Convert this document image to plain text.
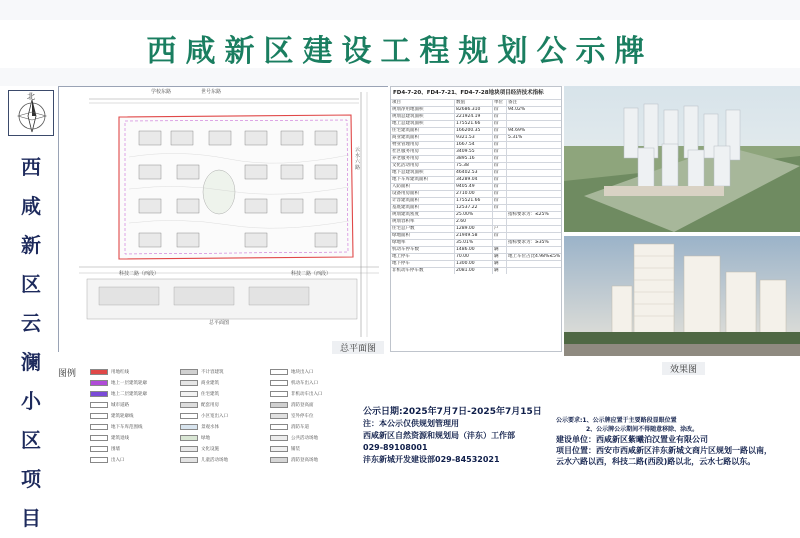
西咸新区建设工程规划公示牌
北
西
咸
新
区
云
澜
小
区
项
目
学校东路	世号东路
云水六路
科技二路（西段）	科技二路（西段）
总平面图
总平面图
FD4-7-20、FD4-7-21、FD4-7-28地块项目经济技术指标
项目	数值	单位	备注
规划净用地面积	82686.310	㎡	94.02%
规划总建筑面积	221924.19	㎡
地上总建筑面积	175521.66	㎡
住宅建筑面积	166200.35	㎡	94.69%
商业建筑面积	9321.53	㎡	5.31%
物业管理用房	1667.54	㎡
社区服务用房	3409.55	㎡
养老服务用房	3895.16	㎡
文化活动用房	75.38	㎡
地下总建筑面积	46402.53	㎡
地下车库建筑面积	34289.04	㎡
人防面积	9405.49	㎡
设备用房面积	2710.00	㎡
计容建筑面积	175521.66	㎡
基底建筑面积	12537.22	㎡
规划建筑密度	25.00%	指标要求为：≤25%
规划容积率	2.60
住宅总户数	1289.00	户
绿地面积	21949.58	㎡
绿地率	35.01%	指标要求为：≥35%
机动车停车数	1486.00	辆
地上停车	70.00	辆	地上车位占比4.98%≤5%
地下停车	1300.00	辆
非机动车停车数	2081.00	辆
效果图
图例	用地红线	不计容建筑	地块出入口
地上一层建筑轮廓	商业建筑	机动车出入口
地上二层建筑轮廓	住宅建筑	非机动车出入口
城市道路	配套用房	消防登高面
建筑轮廓线	小区宽出入口	室外停车位
地下车库范围线	景观水体	消防车道
建筑退线	绿地	公共活动场地
围墙	文化设施	铺装
出入口	儿童活动场地	消防登高场地
公示日期:2025年7月7日-2025年7月15日
注：本公示仅供规划管理用
西咸新区自然资源和规划局（沣东）工作部
029-89108001
沣东新城开发建设部029-84532021
公示要求:1、公示牌应置于主要路段显眼位置
2、公示牌公示期间不得随意移除、涂改。
建设单位：西咸新区紫曦泊汉置业有限公司
项目位置：西安市西咸新区沣东新城文商片区规划一路以南，
云水六路以西，科技二路(西段)路以北，云水七路以东。
